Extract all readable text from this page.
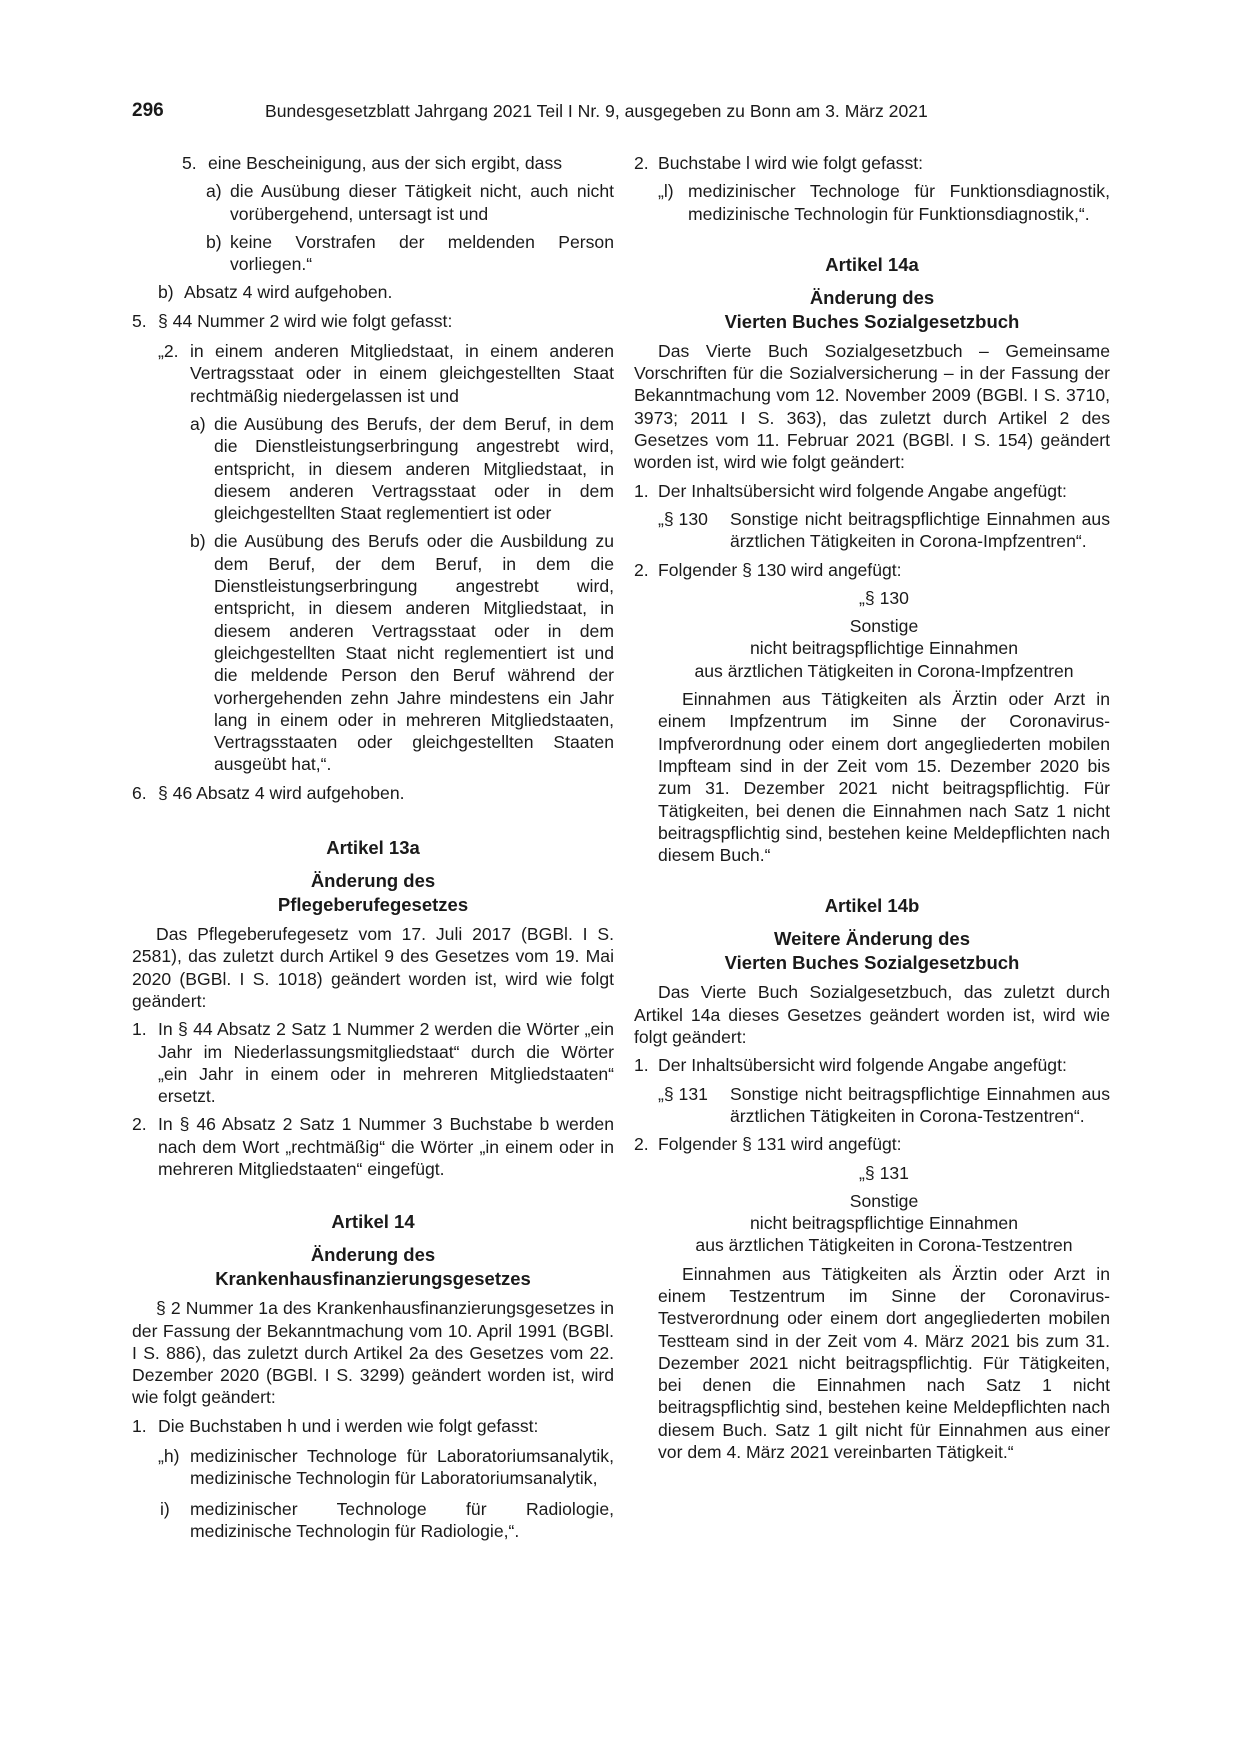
296	Bundesgesetzblatt Jahrgang 2021 Teil I Nr. 9, ausgegeben zu Bonn am 3. März 2021
5. eine Bescheinigung, aus der sich ergibt, dass

a) die Ausübung dieser Tätigkeit nicht, auch nicht vorübergehend, untersagt ist und

b) keine Vorstrafen der meldenden Person vorliegen.“

b) Absatz 4 wird aufgehoben.

5. § 44 Nummer 2 wird wie folgt gefasst:

„2. in einem anderen Mitgliedstaat, in einem anderen Vertragsstaat oder in einem gleichgestellten Staat rechtmäßig niedergelassen ist und

a) die Ausübung des Berufs, der dem Beruf, in dem die Dienstleistungserbringung angestrebt wird, entspricht, in diesem anderen Mitgliedstaat, in diesem anderen Vertragsstaat oder in dem gleichgestellten Staat reglementiert ist oder

b) die Ausübung des Berufs oder die Ausbildung zu dem Beruf, der dem Beruf, in dem die Dienstleistungserbringung angestrebt wird, entspricht, in diesem anderen Mitgliedstaat, in diesem anderen Vertragsstaat oder in dem gleichgestellten Staat nicht reglementiert ist und die meldende Person den Beruf während der vorhergehenden zehn Jahre mindestens ein Jahr lang in einem oder in mehreren Mitgliedstaaten, Vertragsstaaten oder gleichgestellten Staaten ausgeübt hat,“.

6. § 46 Absatz 4 wird aufgehoben.

Artikel 13a

Änderung des

Pflegeberufegesetzes

Das Pflegeberufegesetz vom 17. Juli 2017 (BGBl. I S. 2581), das zuletzt durch Artikel 9 des Gesetzes vom 19. Mai 2020 (BGBl. I S. 1018) geändert worden ist, wird wie folgt geändert:

1. In § 44 Absatz 2 Satz 1 Nummer 2 werden die Wörter „ein Jahr im Niederlassungsmitgliedstaat“ durch die Wörter „ein Jahr in einem oder in mehreren Mitgliedstaaten“ ersetzt.

2. In § 46 Absatz 2 Satz 1 Nummer 3 Buchstabe b werden nach dem Wort „rechtmäßig“ die Wörter „in einem oder in mehreren Mitgliedstaaten“ eingefügt.

Artikel 14

Änderung des

Krankenhausfinanzierungsgesetzes

§ 2 Nummer 1a des Krankenhausfinanzierungsgesetzes in der Fassung der Bekanntmachung vom 10. April 1991 (BGBl. I S. 886), das zuletzt durch Artikel 2a des Gesetzes vom 22. Dezember 2020 (BGBl. I S. 3299) geändert worden ist, wird wie folgt geändert:

1. Die Buchstaben h und i werden wie folgt gefasst:

„h) medizinischer Technologe für Laboratoriumsanalytik, medizinische Technologin für Laboratoriumsanalytik,

i) medizinischer Technologe für Radiologie, medizinische Technologin für Radiologie,“.

2. Buchstabe l wird wie folgt gefasst:

„l) medizinischer Technologe für Funktionsdiagnostik, medizinische Technologin für Funktionsdiagnostik,“.

Artikel 14a

Änderung des

Vierten Buches Sozialgesetzbuch

Das Vierte Buch Sozialgesetzbuch – Gemeinsame Vorschriften für die Sozialversicherung – in der Fassung der Bekanntmachung vom 12. November 2009 (BGBl. I S. 3710, 3973; 2011 I S. 363), das zuletzt durch Artikel 2 des Gesetzes vom 11. Februar 2021 (BGBl. I S. 154) geändert worden ist, wird wie folgt geändert:

1. Der Inhaltsübersicht wird folgende Angabe angefügt:

„§ 130 Sonstige nicht beitragspflichtige Einnahmen aus ärztlichen Tätigkeiten in Corona-Impfzentren“.

2. Folgender § 130 wird angefügt:

„§ 130

Sonstige

nicht beitragspflichtige Einnahmen

aus ärztlichen Tätigkeiten in Corona-Impfzentren

Einnahmen aus Tätigkeiten als Ärztin oder Arzt in einem Impfzentrum im Sinne der Coronavirus-Impfverordnung oder einem dort angegliederten mobilen Impfteam sind in der Zeit vom 15. Dezember 2020 bis zum 31. Dezember 2021 nicht beitragspflichtig. Für Tätigkeiten, bei denen die Einnahmen nach Satz 1 nicht beitragspflichtig sind, bestehen keine Meldepflichten nach diesem Buch.“

Artikel 14b

Weitere Änderung des

Vierten Buches Sozialgesetzbuch

Das Vierte Buch Sozialgesetzbuch, das zuletzt durch Artikel 14a dieses Gesetzes geändert worden ist, wird wie folgt geändert:

1. Der Inhaltsübersicht wird folgende Angabe angefügt:

„§ 131 Sonstige nicht beitragspflichtige Einnahmen aus ärztlichen Tätigkeiten in Corona-Testzentren“.

2. Folgender § 131 wird angefügt:

„§ 131

Sonstige

nicht beitragspflichtige Einnahmen

aus ärztlichen Tätigkeiten in Corona-Testzentren

Einnahmen aus Tätigkeiten als Ärztin oder Arzt in einem Testzentrum im Sinne der Coronavirus-Testverordnung oder einem dort angegliederten mobilen Testteam sind in der Zeit vom 4. März 2021 bis zum 31. Dezember 2021 nicht beitragspflichtig. Für Tätigkeiten, bei denen die Einnahmen nach Satz 1 nicht beitragspflichtig sind, bestehen keine Meldepflichten nach diesem Buch. Satz 1 gilt nicht für Einnahmen aus einer vor dem 4. März 2021 vereinbarten Tätigkeit.“
